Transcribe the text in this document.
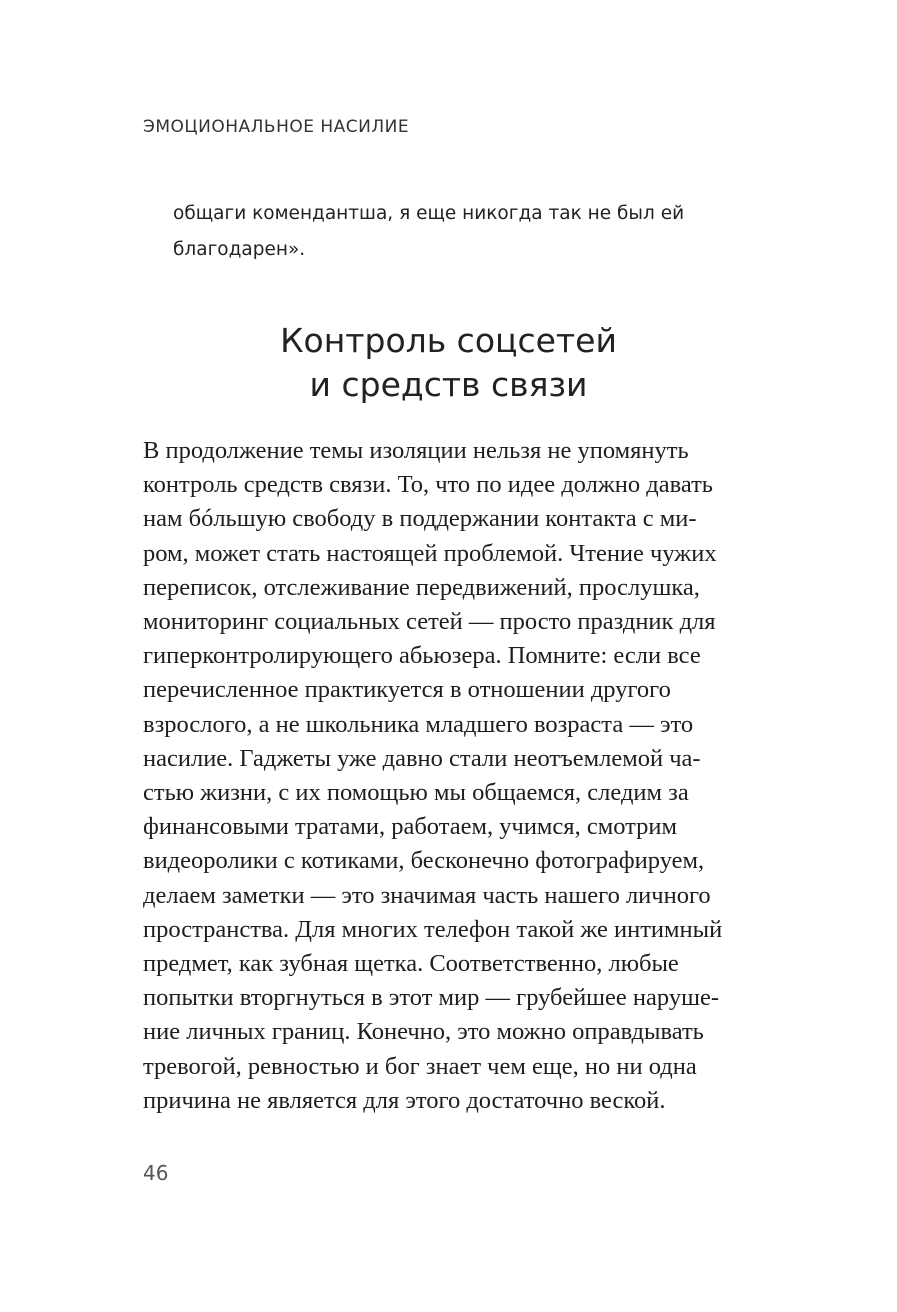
ЭМОЦИОНАЛЬНОЕ НАСИЛИЕ
общаги комендантша, я еще никогда так не был ей
благодарен».
Контроль соцсетей
и средств связи
В продолжение темы изоляции нельзя не упомянуть
контроль средств связи. То, что по идее должно давать
нам бóльшую свободу в поддержании контакта с ми-
ром, может стать настоящей проблемой. Чтение чужих
переписок, отслеживание передвижений, прослушка,
мониторинг социальных сетей — просто праздник для
гиперконтролирующего абьюзера. Помните: если все
перечисленное практикуется в отношении другого
взрослого, а не школьника младшего возраста — это
насилие. Гаджеты уже давно стали неотъемлемой ча-
стью жизни, с их помощью мы общаемся, следим за
финансовыми тратами, работаем, учимся, смотрим
видеоролики с котиками, бесконечно фотографируем,
делаем заметки — это значимая часть нашего личного
пространства. Для многих телефон такой же интимный
предмет, как зубная щетка. Соответственно, любые
попытки вторгнуться в этот мир — грубейшее наруше-
ние личных границ. Конечно, это можно оправдывать
тревогой, ревностью и бог знает чем еще, но ни одна
причина не является для этого достаточно веской.
46
